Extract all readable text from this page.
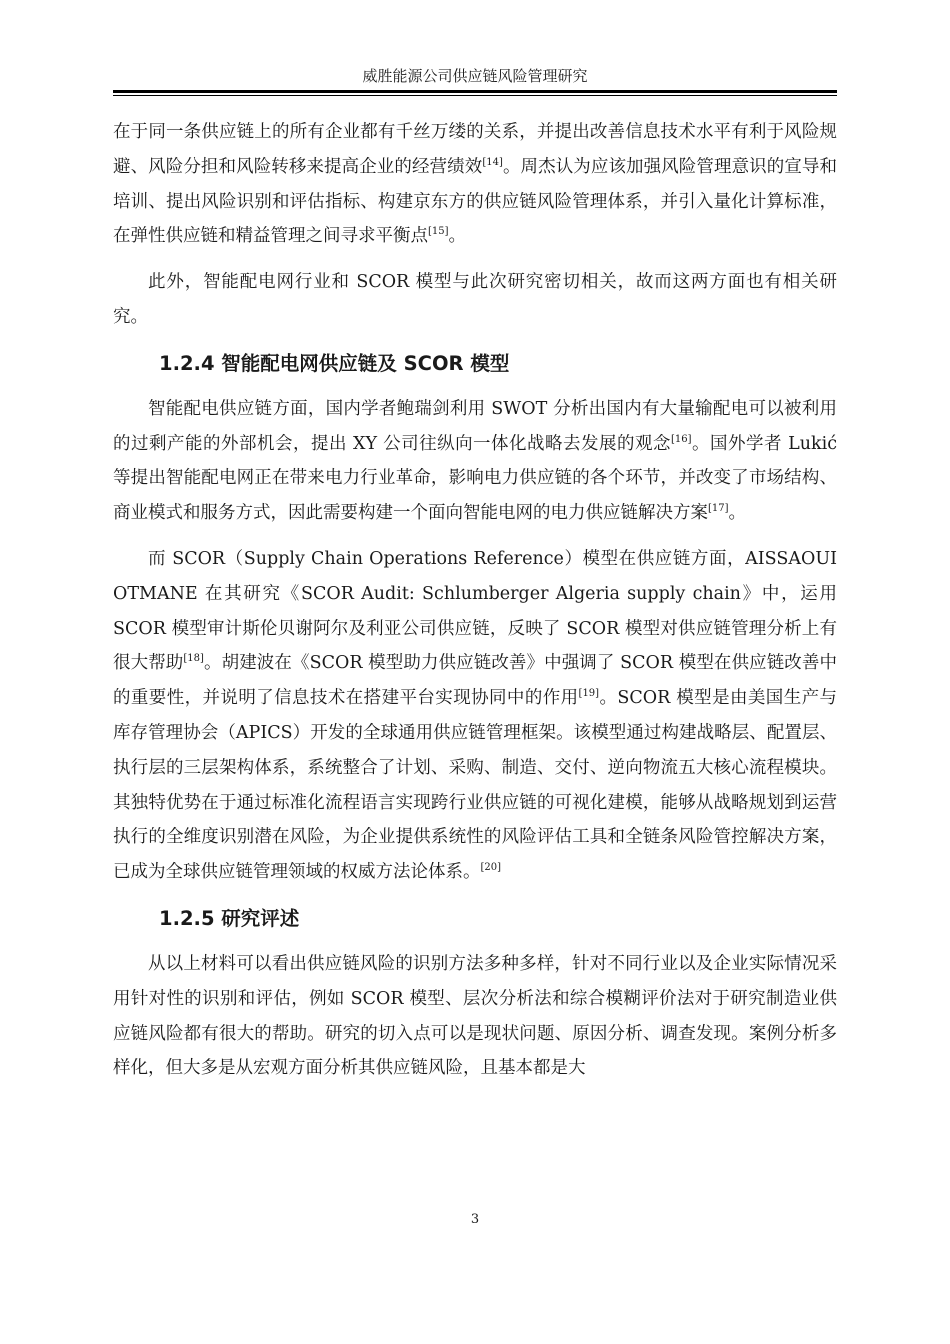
威胜能源公司供应链风险管理研究

在于同一条供应链上的所有企业都有千丝万缕的关系，并提出改善信息技术水平有利于风险规避、风险分担和风险转移来提高企业的经营绩效[14]。周杰认为应该加强风险管理意识的宣导和培训、提出风险识别和评估指标、构建京东方的供应链风险管理体系，并引入量化计算标准，在弹性供应链和精益管理之间寻求平衡点[15]。

此外，智能配电网行业和 SCOR 模型与此次研究密切相关，故而这两方面也有相关研究。

1.2.4 智能配电网供应链及 SCOR 模型

智能配电供应链方面，国内学者鲍瑞剑利用 SWOT 分析出国内有大量输配电可以被利用的过剩产能的外部机会，提出 XY 公司往纵向一体化战略去发展的观念[16]。国外学者 Lukić 等提出智能配电网正在带来电力行业革命，影响电力供应链的各个环节，并改变了市场结构、商业模式和服务方式，因此需要构建一个面向智能电网的电力供应链解决方案[17]。

而 SCOR（Supply Chain Operations Reference）模型在供应链方面，AISSAOUI OTMANE 在其研究《SCOR Audit: Schlumberger Algeria supply chain》中，运用 SCOR 模型审计斯伦贝谢阿尔及利亚公司供应链，反映了 SCOR 模型对供应链管理分析上有很大帮助[18]。胡建波在《SCOR 模型助力供应链改善》中强调了 SCOR 模型在供应链改善中的重要性，并说明了信息技术在搭建平台实现协同中的作用[19]。SCOR 模型是由美国生产与库存管理协会（APICS）开发的全球通用供应链管理框架。该模型通过构建战略层、配置层、执行层的三层架构体系，系统整合了计划、采购、制造、交付、逆向物流五大核心流程模块。其独特优势在于通过标准化流程语言实现跨行业供应链的可视化建模，能够从战略规划到运营执行的全维度识别潜在风险，为企业提供系统性的风险评估工具和全链条风险管控解决方案，已成为全球供应链管理领域的权威方法论体系。[20]

1.2.5 研究评述

从以上材料可以看出供应链风险的识别方法多种多样，针对不同行业以及企业实际情况采用针对性的识别和评估，例如 SCOR 模型、层次分析法和综合模糊评价法对于研究制造业供应链风险都有很大的帮助。研究的切入点可以是现状问题、原因分析、调查发现。案例分析多样化，但大多是从宏观方面分析其供应链风险，且基本都是大

3
